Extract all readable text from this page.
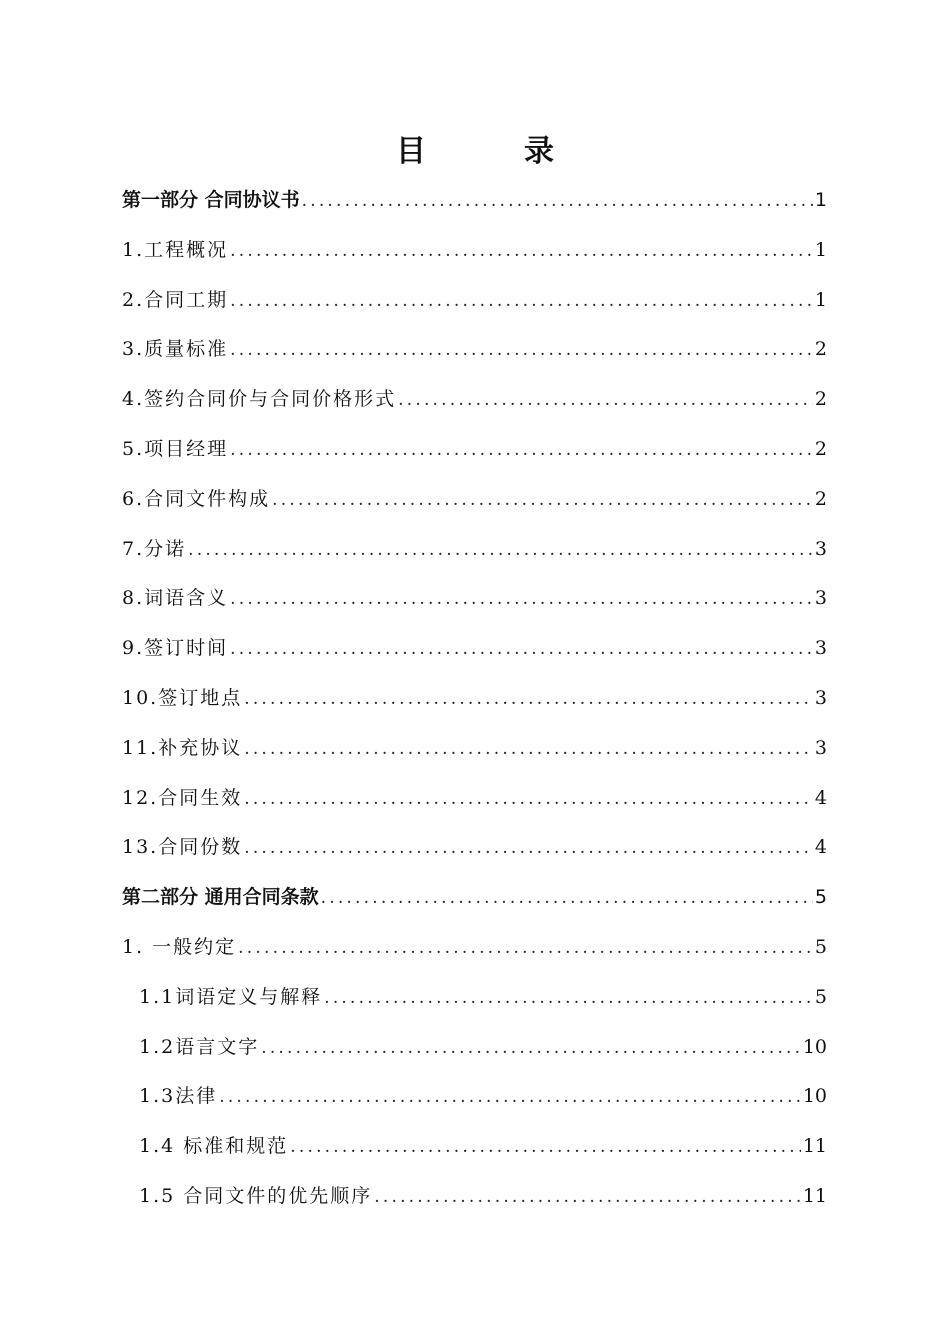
目　录
第一部分 合同协议书 .....	1
1.工程概况 .....	1
2.合同工期 .....	1
3.质量标准 .....	2
4.签约合同价与合同价格形式 .....	2
5.项目经理 .....	2
6.合同文件构成 .....	2
7.分诺 .....	3
8.词语含义 .....	3
9.签订时间 .....	3
10.签订地点 .....	3
11.补充协议 .....	3
12.合同生效 .....	4
13.合同份数 .....	4
第二部分 通用合同条款 .....	5
1. 一般约定 .....	5
1.1词语定义与解释 .....	5
1.2语言文字 .....	10
1.3法律 .....	10
1.4 标准和规范 .....	11
1.5 合同文件的优先顺序 .....	11
